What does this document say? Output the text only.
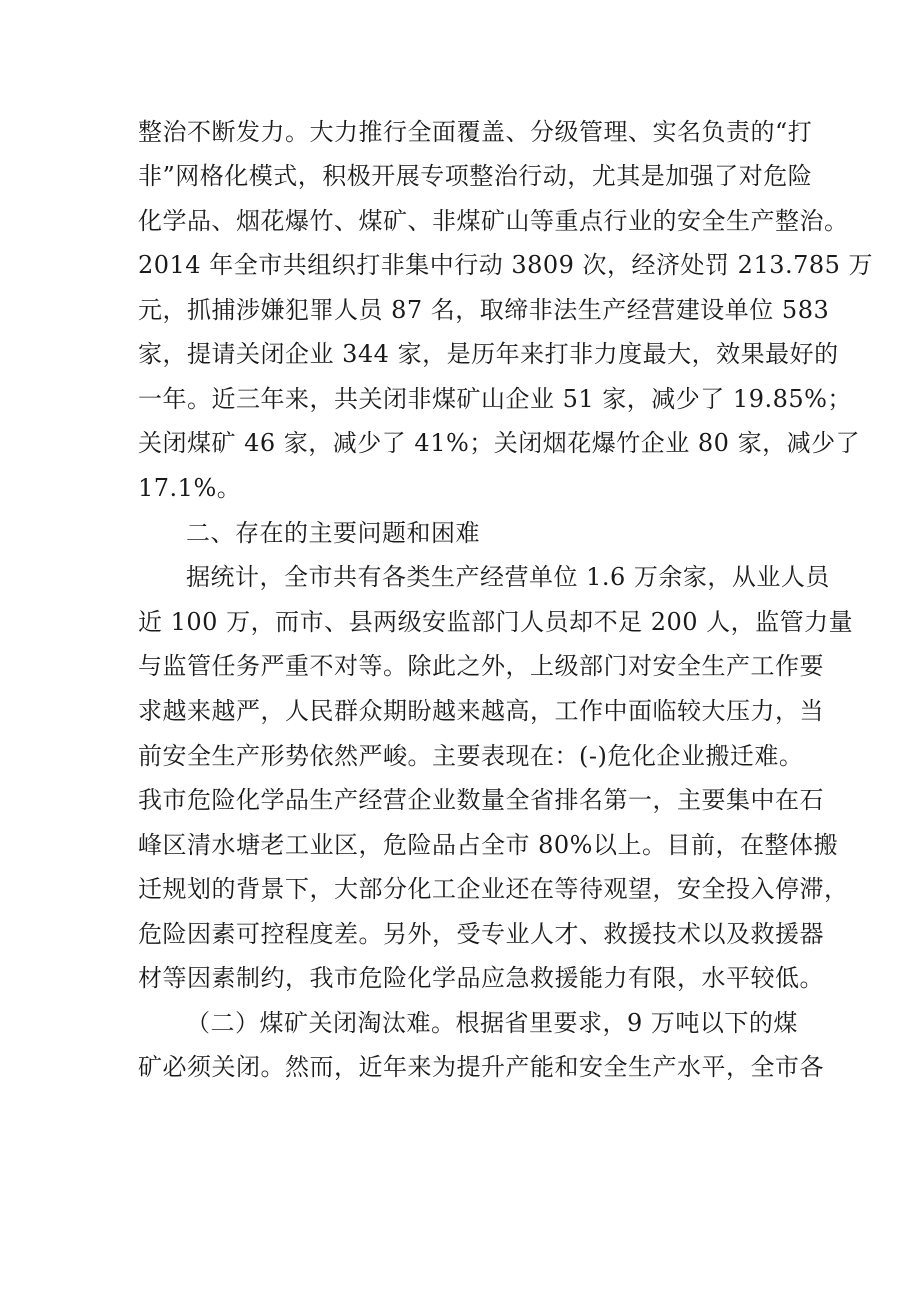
整治不断发力。大力推行全面覆盖、分级管理、实名负责的“打
非”网格化模式，积极开展专项整治行动，尤其是加强了对危险
化学品、烟花爆竹、煤矿、非煤矿山等重点行业的安全生产整治。
2014 年全市共组织打非集中行动 3809 次，经济处罚 213.785 万
元，抓捕涉嫌犯罪人员 87 名，取缔非法生产经营建设单位 583
家，提请关闭企业 344 家，是历年来打非力度最大，效果最好的
一年。近三年来，共关闭非煤矿山企业 51 家，减少了 19.85%；
关闭煤矿 46 家，减少了 41%；关闭烟花爆竹企业 80 家，减少了
17.1%。
二、存在的主要问题和困难
据统计，全市共有各类生产经营单位 1.6 万余家，从业人员
近 100 万，而市、县两级安监部门人员却不足 200 人，监管力量
与监管任务严重不对等。除此之外，上级部门对安全生产工作要
求越来越严，人民群众期盼越来越高，工作中面临较大压力，当
前安全生产形势依然严峻。主要表现在：(-)危化企业搬迁难。
我市危险化学品生产经营企业数量全省排名第一，主要集中在石
峰区清水塘老工业区，危险品占全市 80%以上。目前，在整体搬
迁规划的背景下，大部分化工企业还在等待观望，安全投入停滞，
危险因素可控程度差。另外，受专业人才、救援技术以及救援器
材等因素制约，我市危险化学品应急救援能力有限，水平较低。
（二）煤矿关闭淘汰难。根据省里要求，9 万吨以下的煤
矿必须关闭。然而，近年来为提升产能和安全生产水平，全市各
